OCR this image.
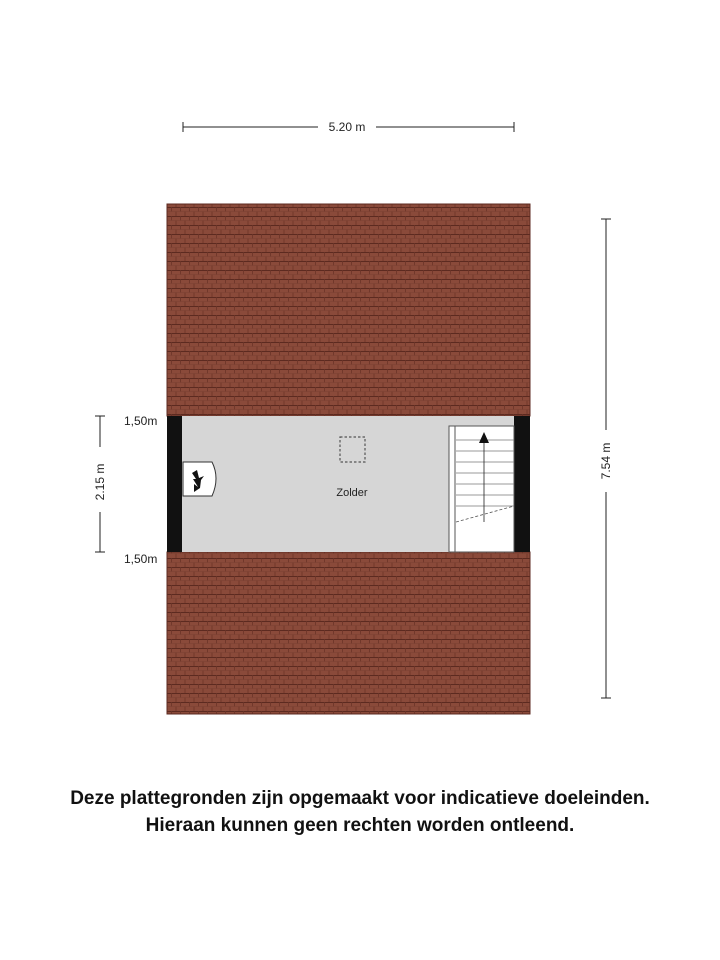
5.20 m
Zolder
2.15 m
1,50m
1,50m
7.54 m

Deze plattegronden zijn opgemaakt voor indicatieve doeleinden.

Hieraan kunnen geen rechten worden ontleend.
